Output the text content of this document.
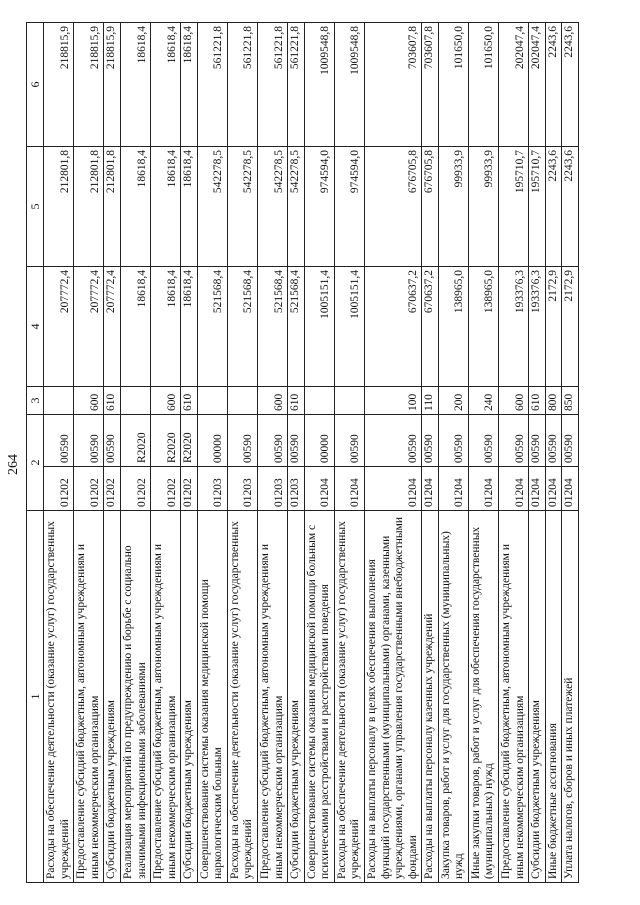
264
1	2		3	4	5	6
Расходы на обеспечение деятельности (оказание услуг) государственных учреждений	01202	00590		207772,4	212801,8	218815,9
Предоставление субсидий бюджетным, автономным учреждениям и иным некоммерческим организациям	01202	00590	600	207772,4	212801,8	218815,9
Субсидии бюджетным учреждениям	01202	00590	610	207772,4	212801,8	218815,9
Реализация мероприятий по предупреждению и борьбе с социально значимыми инфекционными заболеваниями	01202	R2020		18618,4	18618,4	18618,4
Предоставление субсидий бюджетным, автономным учреждениям и иным некоммерческим организациям	01202	R2020	600	18618,4	18618,4	18618,4
Субсидии бюджетным учреждениям	01202	R2020	610	18618,4	18618,4	18618,4
Совершенствование системы оказания медицинской помощи наркологическим больным	01203	00000		521568,4	542278,5	561221,8
Расходы на обеспечение деятельности (оказание услуг) государственных учреждений	01203	00590		521568,4	542278,5	561221,8
Предоставление субсидий бюджетным, автономным учреждениям и иным некоммерческим организациям	01203	00590	600	521568,4	542278,5	561221,8
Субсидии бюджетным учреждениям	01203	00590	610	521568,4	542278,5	561221,8
Совершенствование системы оказания медицинской помощи больным с психическими расстройствами и расстройствами поведения	01204	00000		1005151,4	974594,0	1009548,8
Расходы на обеспечение деятельности (оказание услуг) государственных учреждений	01204	00590		1005151,4	974594,0	1009548,8
Расходы на выплаты персоналу в целях обеспечения выполнения функций государственными (муниципальными) органами, казенными учреждениями, органами управления государственными внебюджетными фондами	01204	00590	100	670637,2	676705,8	703607,8
Расходы на выплаты персоналу казенных учреждений	01204	00590	110	670637,2	676705,8	703607,8
Закупка товаров, работ и услуг для государственных (муниципальных) нужд	01204	00590	200	138965,0	99933,9	101650,0
Иные закупки товаров, работ и услуг для обеспечения государственных (муниципальных) нужд	01204	00590	240	138965,0	99933,9	101650,0
Предоставление субсидий бюджетным, автономным учреждениям и иным некоммерческим организациям	01204	00590	600	193376,3	195710,7	202047,4
Субсидии бюджетным учреждениям	01204	00590	610	193376,3	195710,7	202047,4
Иные бюджетные ассигнования	01204	00590	800	2172,9	2243,6	2243,6
Уплата налогов, сборов и иных платежей	01204	00590	850	2172,9	2243,6	2243,6
